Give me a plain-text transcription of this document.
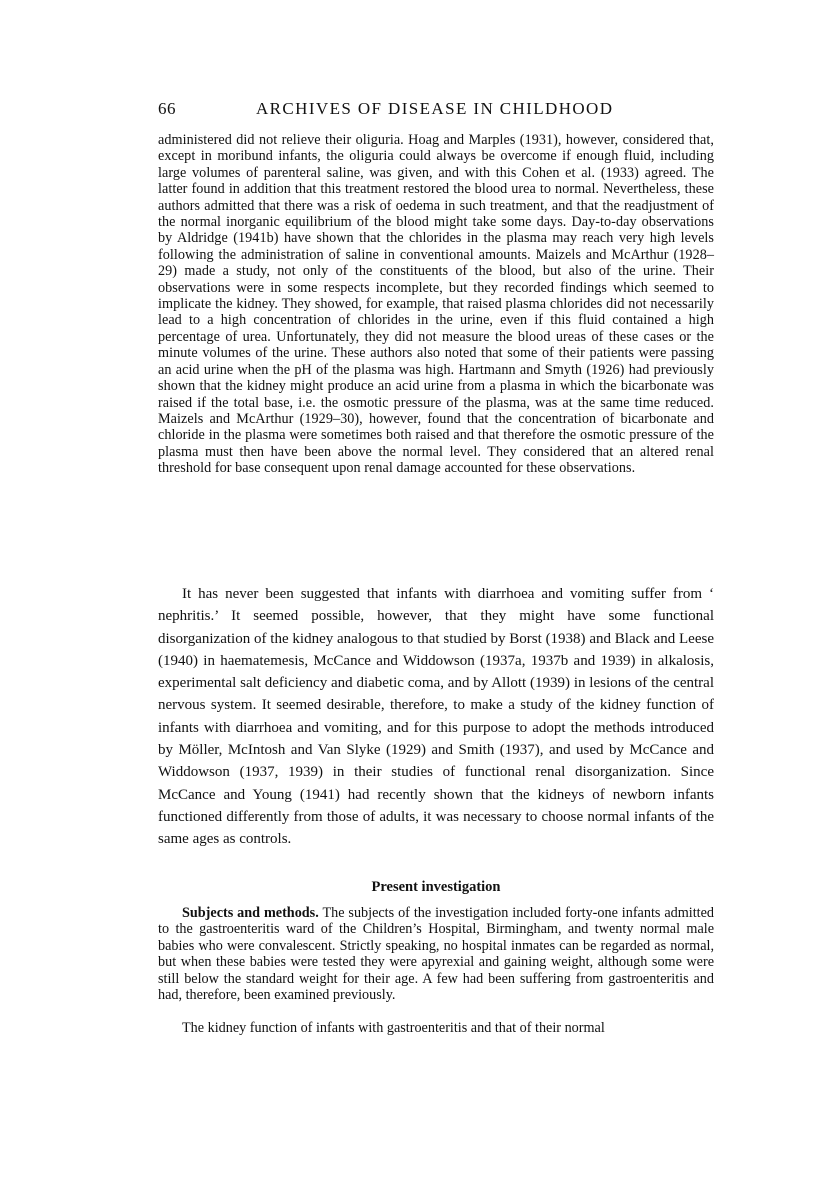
66	ARCHIVES OF DISEASE IN CHILDHOOD

administered did not relieve their oliguria. Hoag and Marples (1931), however, considered that, except in moribund infants, the oliguria could always be overcome if enough fluid, including large volumes of parenteral saline, was given, and with this Cohen et al. (1933) agreed. The latter found in addition that this treatment restored the blood urea to normal. Nevertheless, these authors admitted that there was a risk of oedema in such treatment, and that the readjustment of the normal inorganic equilibrium of the blood might take some days. Day-to-day observations by Aldridge (1941b) have shown that the chlorides in the plasma may reach very high levels following the administration of saline in conventional amounts. Maizels and McArthur (1928–29) made a study, not only of the constituents of the blood, but also of the urine. Their observations were in some respects incomplete, but they recorded findings which seemed to implicate the kidney. They showed, for example, that raised plasma chlorides did not necessarily lead to a high concentration of chlorides in the urine, even if this fluid contained a high percentage of urea. Unfortunately, they did not measure the blood ureas of these cases or the minute volumes of the urine. These authors also noted that some of their patients were passing an acid urine when the pH of the plasma was high. Hartmann and Smyth (1926) had previously shown that the kidney might produce an acid urine from a plasma in which the bicarbonate was raised if the total base, i.e. the osmotic pressure of the plasma, was at the same time reduced. Maizels and McArthur (1929–30), however, found that the concentration of bicarbonate and chloride in the plasma were sometimes both raised and that therefore the osmotic pressure of the plasma must then have been above the normal level. They considered that an altered renal threshold for base consequent upon renal damage accounted for these observations.

It has never been suggested that infants with diarrhoea and vomiting suffer from ‘ nephritis.’ It seemed possible, however, that they might have some functional disorganization of the kidney analogous to that studied by Borst (1938) and Black and Leese (1940) in haematemesis, McCance and Widdowson (1937a, 1937b and 1939) in alkalosis, experimental salt deficiency and diabetic coma, and by Allott (1939) in lesions of the central nervous system. It seemed desirable, therefore, to make a study of the kidney function of infants with diarrhoea and vomiting, and for this purpose to adopt the methods introduced by Möller, McIntosh and Van Slyke (1929) and Smith (1937), and used by McCance and Widdowson (1937, 1939) in their studies of functional renal disorganization. Since McCance and Young (1941) had recently shown that the kidneys of newborn infants functioned differently from those of adults, it was necessary to choose normal infants of the same ages as controls.

Present investigation

Subjects and methods. The subjects of the investigation included forty-one infants admitted to the gastroenteritis ward of the Children’s Hospital, Birmingham, and twenty normal male babies who were convalescent. Strictly speaking, no hospital inmates can be regarded as normal, but when these babies were tested they were apyrexial and gaining weight, although some were still below the standard weight for their age. A few had been suffering from gastroenteritis and had, therefore, been examined previously.

The kidney function of infants with gastroenteritis and that of their normal
